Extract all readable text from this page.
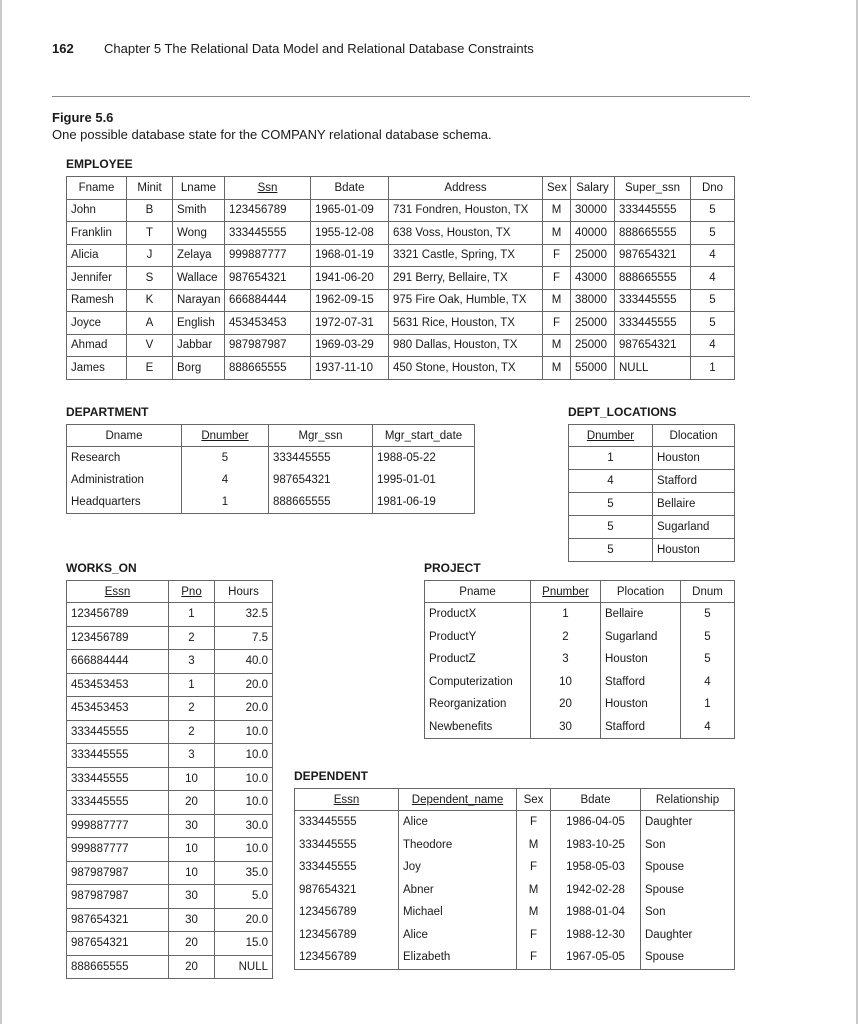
162 Chapter 5 The Relational Data Model and Relational Database Constraints
Figure 5.6
One possible database state for the COMPANY relational database schema.
EMPLOYEE
Fname	Minit	Lname	Ssn	Bdate	Address	Sex	Salary	Super_ssn	Dno
John	B	Smith	123456789	1965-01-09	731 Fondren, Houston, TX	M	30000	333445555	5
Franklin	T	Wong	333445555	1955-12-08	638 Voss, Houston, TX	M	40000	888665555	5
Alicia	J	Zelaya	999887777	1968-01-19	3321 Castle, Spring, TX	F	25000	987654321	4
Jennifer	S	Wallace	987654321	1941-06-20	291 Berry, Bellaire, TX	F	43000	888665555	4
Ramesh	K	Narayan	666884444	1962-09-15	975 Fire Oak, Humble, TX	M	38000	333445555	5
Joyce	A	English	453453453	1972-07-31	5631 Rice, Houston, TX	F	25000	333445555	5
Ahmad	V	Jabbar	987987987	1969-03-29	980 Dallas, Houston, TX	M	25000	987654321	4
James	E	Borg	888665555	1937-11-10	450 Stone, Houston, TX	M	55000	NULL	1
DEPARTMENT
Dname	Dnumber	Mgr_ssn	Mgr_start_date
Research	5	333445555	1988-05-22
Administration	4	987654321	1995-01-01
Headquarters	1	888665555	1981-06-19
DEPT_LOCATIONS
Dnumber	Dlocation
1	Houston
4	Stafford
5	Bellaire
5	Sugarland
5	Houston
WORKS_ON
Essn	Pno	Hours
123456789	1	32.5
123456789	2	7.5
666884444	3	40.0
453453453	1	20.0
453453453	2	20.0
333445555	2	10.0
333445555	3	10.0
333445555	10	10.0
333445555	20	10.0
999887777	30	30.0
999887777	10	10.0
987987987	10	35.0
987987987	30	5.0
987654321	30	20.0
987654321	20	15.0
888665555	20	NULL
PROJECT
Pname	Pnumber	Plocation	Dnum
ProductX	1	Bellaire	5
ProductY	2	Sugarland	5
ProductZ	3	Houston	5
Computerization	10	Stafford	4
Reorganization	20	Houston	1
Newbenefits	30	Stafford	4
DEPENDENT
Essn	Dependent_name	Sex	Bdate	Relationship
333445555	Alice	F	1986-04-05	Daughter
333445555	Theodore	M	1983-10-25	Son
333445555	Joy	F	1958-05-03	Spouse
987654321	Abner	M	1942-02-28	Spouse
123456789	Michael	M	1988-01-04	Son
123456789	Alice	F	1988-12-30	Daughter
123456789	Elizabeth	F	1967-05-05	Spouse
